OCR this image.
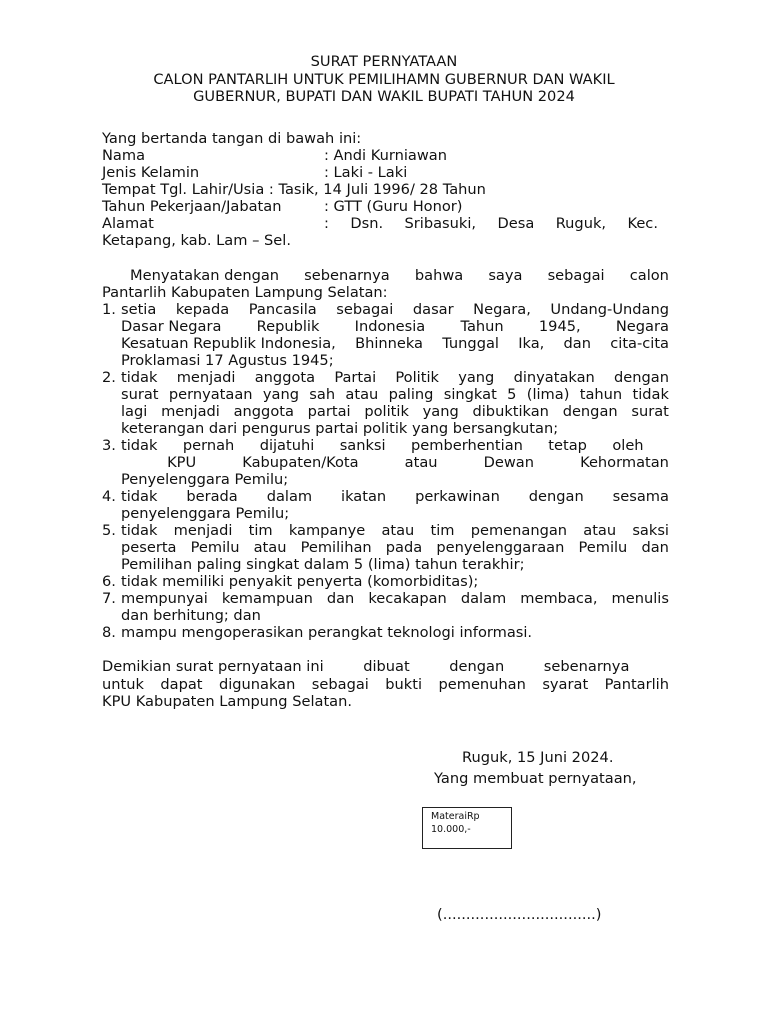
SURAT PERNYATAAN
CALON PANTARLIH UNTUK PEMILIHAMN GUBERNUR DAN WAKIL
GUBERNUR, BUPATI DAN WAKIL BUPATI TAHUN 2024
Yang bertanda tangan di bawah ini:
Nama	: Andi Kurniawan
Jenis Kelamin	: Laki - Laki
Tempat Tgl. Lahir/Usia : Tasik, 14 Juli 1996/ 28 Tahun
Tahun Pekerjaan/Jabatan	: GTT (Guru Honor)
Alamat	: Dsn. Sribasuki, Desa Ruguk, Kec.
Ketapang, kab. Lam – Sel.
Menyatakan dengan sebenarnya bahwa saya sebagai calon
Pantarlih Kabupaten Lampung Selatan:
1. setia kepada Pancasila sebagai dasar Negara, Undang-Undang
Dasar Negara Republik Indonesia Tahun 1945, Negara
Kesatuan Republik Indonesia, Bhinneka Tunggal Ika, dan cita-cita
Proklamasi 17 Agustus 1945;
2. tidak menjadi anggota Partai Politik yang dinyatakan dengan
surat pernyataan yang sah atau paling singkat 5 (lima) tahun tidak
lagi menjadi anggota partai politik yang dibuktikan dengan surat
keterangan dari pengurus partai politik yang bersangkutan;
3. tidak pernah dijatuhi sanksi pemberhentian tetap oleh
KPU	Kabupaten/Kota	atau	Dewan	Kehormatan
Penyelenggara Pemilu;
4. tidak berada dalam ikatan perkawinan dengan sesama
penyelenggara Pemilu;
5. tidak menjadi tim kampanye atau tim pemenangan atau saksi
peserta Pemilu atau Pemilihan pada penyelenggaraan Pemilu dan
Pemilihan paling singkat dalam 5 (lima) tahun terakhir;
6. tidak memiliki penyakit penyerta (komorbiditas);
7. mempunyai kemampuan dan kecakapan dalam membaca, menulis
dan berhitung; dan
8. mampu mengoperasikan perangkat teknologi informasi.
Demikian surat pernyataan ini	dibuat	dengan	sebenarnya
untuk dapat digunakan sebagai bukti pemenuhan syarat Pantarlih
KPU Kabupaten Lampung Selatan.
Ruguk, 15 Juni 2024.
Yang membuat pernyataan,
MateraiRp
10.000,-
(.................................)
